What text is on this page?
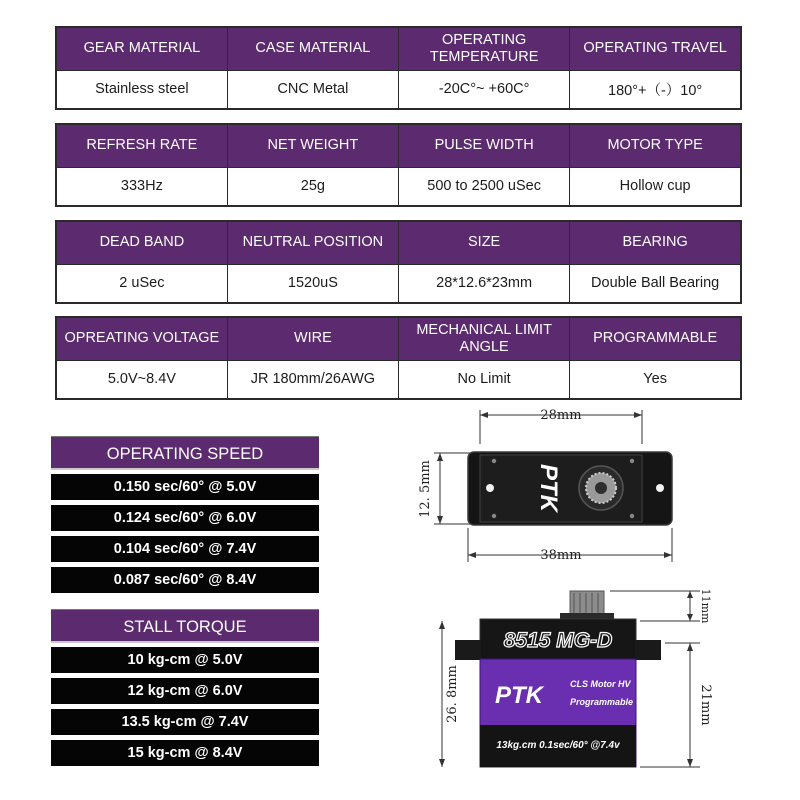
GEAR MATERIAL	CASE MATERIAL	OPERATING TEMPERATURE	OPERATING TRAVEL
Stainless steel	CNC Metal	-20C°~ +60C°	180°+（-）10°
REFRESH RATE	NET WEIGHT	PULSE WIDTH	MOTOR TYPE
333Hz	25g	500 to 2500 uSec	Hollow cup
DEAD BAND	NEUTRAL POSITION	SIZE	BEARING
2 uSec	1520uS	28*12.6*23mm	Double Ball Bearing
OPREATING VOLTAGE	WIRE	MECHANICAL LIMIT ANGLE	PROGRAMMABLE
5.0V~8.4V	JR 180mm/26AWG	No Limit	Yes
OPERATING SPEED
0.150 sec/60° @ 5.0V
0.124 sec/60° @ 6.0V
0.104 sec/60° @ 7.4V
0.087 sec/60° @ 8.4V
STALL TORQUE
10 kg-cm @ 5.0V
12 kg-cm @ 6.0V
13.5 kg-cm @ 7.4V
15 kg-cm @ 8.4V
28mm
12. 5mm	PTK
38mm
8515 MG-D
PTK	CLS Motor HV
Programmable
13kg.cm 0.1sec/60° @7.4v
26. 8mm
11mm
21mm
